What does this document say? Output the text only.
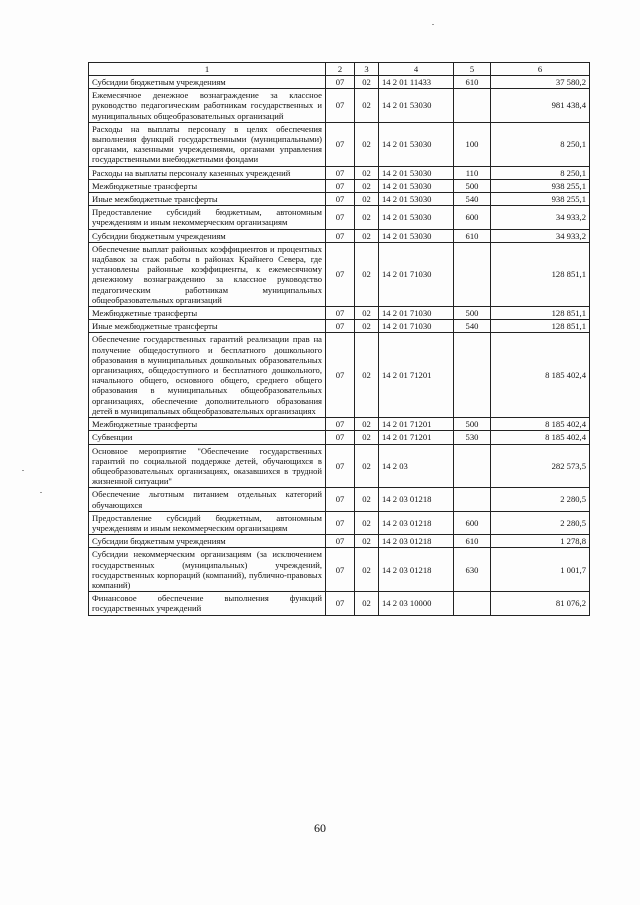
1	2	3	4	5	6
Субсидии бюджетным учреждениям	07	02	14 2 01 11433	610	37 580,2
Ежемесячное денежное вознаграждение за классное руководство педагогическим работникам государственных и муниципальных общеобразовательных организаций	07	02	14 2 01 53030		981 438,4
Расходы на выплаты персоналу в целях обеспечения выполнения функций государственными (муниципальными) органами, казенными учреждениями, органами управления государственными внебюджетными фондами	07	02	14 2 01 53030	100	8 250,1
Расходы на выплаты персоналу казенных учреждений	07	02	14 2 01 53030	110	8 250,1
Межбюджетные трансферты	07	02	14 2 01 53030	500	938 255,1
Иные межбюджетные трансферты	07	02	14 2 01 53030	540	938 255,1
Предоставление субсидий бюджетным, автономным учреждениям и иным некоммерческим организациям	07	02	14 2 01 53030	600	34 933,2
Субсидии бюджетным учреждениям	07	02	14 2 01 53030	610	34 933,2
Обеспечение выплат районных коэффициентов и процентных надбавок за стаж работы в районах Крайнего Севера, где установлены районные коэффициенты, к ежемесячному денежному вознаграждению за классное руководство педагогическим работникам муниципальных общеобразовательных организаций	07	02	14 2 01 71030		128 851,1
Межбюджетные трансферты	07	02	14 2 01 71030	500	128 851,1
Иные межбюджетные трансферты	07	02	14 2 01 71030	540	128 851,1
Обеспечение государственных гарантий реализации прав на получение общедоступного и бесплатного дошкольного образования в муниципальных дошкольных образовательных организациях, общедоступного и бесплатного дошкольного, начального общего, основного общего, среднего общего образования в муниципальных общеобразовательных организациях, обеспечение дополнительного образования детей в муниципальных общеобразовательных организациях	07	02	14 2 01 71201		8 185 402,4
Межбюджетные трансферты	07	02	14 2 01 71201	500	8 185 402,4
Субвенции	07	02	14 2 01 71201	530	8 185 402,4
Основное мероприятие "Обеспечение государственных гарантий по социальной поддержке детей, обучающихся в общеобразовательных организациях, оказавшихся в трудной жизненной ситуации"	07	02	14 2 03		282 573,5
Обеспечение льготным питанием отдельных категорий обучающихся	07	02	14 2 03 01218		2 280,5
Предоставление субсидий бюджетным, автономным учреждениям и иным некоммерческим организациям	07	02	14 2 03 01218	600	2 280,5
Субсидии бюджетным учреждениям	07	02	14 2 03 01218	610	1 278,8
Субсидии некоммерческим организациям (за исключением государственных (муниципальных) учреждений, государственных корпораций (компаний), публично-правовых компаний)	07	02	14 2 03 01218	630	1 001,7
Финансовое обеспечение выполнения функций государственных учреждений	07	02	14 2 03 10000		81 076,2
60
